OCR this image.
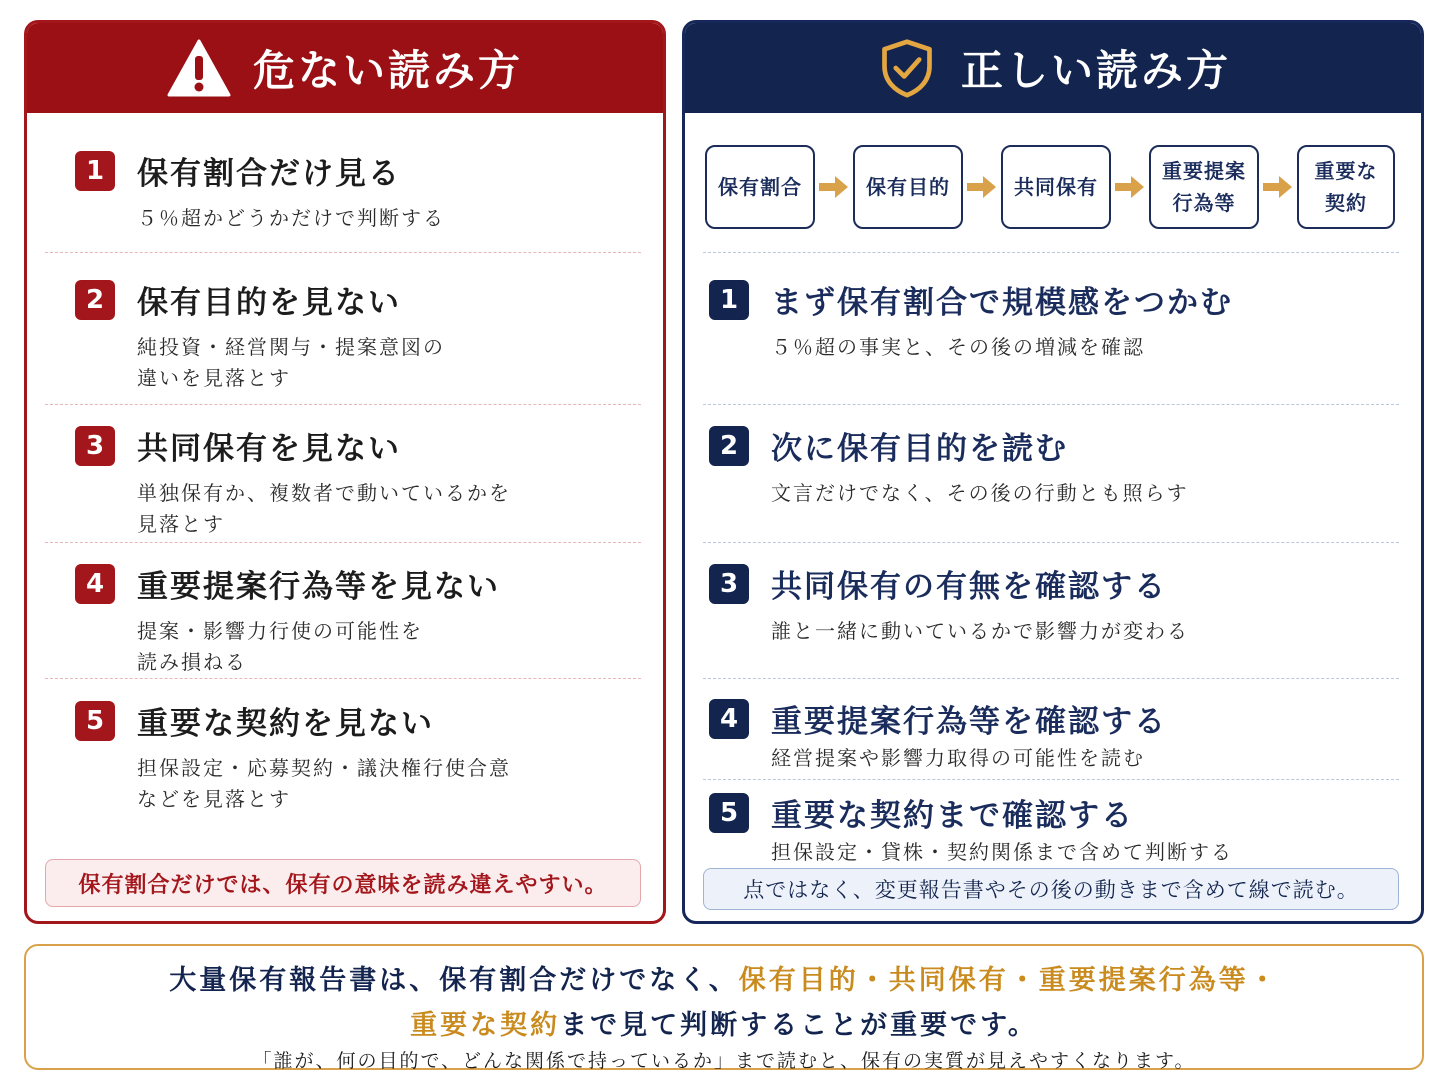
危ない読み方
1	保有割合だけ見る
５％超かどうかだけで判断する
2	保有目的を見ない
純投資・経営関与・提案意図の
違いを見落とす
3	共同保有を見ない
単独保有か、複数者で動いているかを
見落とす
4	重要提案行為等を見ない
提案・影響力行使の可能性を
読み損ねる
5	重要な契約を見ない
担保設定・応募契約・議決権行使合意
などを見落とす
保有割合だけでは、保有の意味を読み違えやすい。
正しい読み方
保有割合	保有目的	共同保有
重要提案
行為等
重要な
契約
1	まず保有割合で規模感をつかむ
５％超の事実と、その後の増減を確認
2	次に保有目的を読む
文言だけでなく、その後の行動とも照らす
3	共同保有の有無を確認する
誰と一緒に動いているかで影響力が変わる
4	重要提案行為等を確認する
経営提案や影響力取得の可能性を読む
5	重要な契約まで確認する
担保設定・貸株・契約関係まで含めて判断する
点ではなく、変更報告書やその後の動きまで含めて線で読む。
大量保有報告書は、保有割合だけでなく、保有目的・共同保有・重要提案行為等・
重要な契約まで見て判断することが重要です。
「誰が、何の目的で、どんな関係で持っているか」まで読むと、保有の実質が見えやすくなります。
